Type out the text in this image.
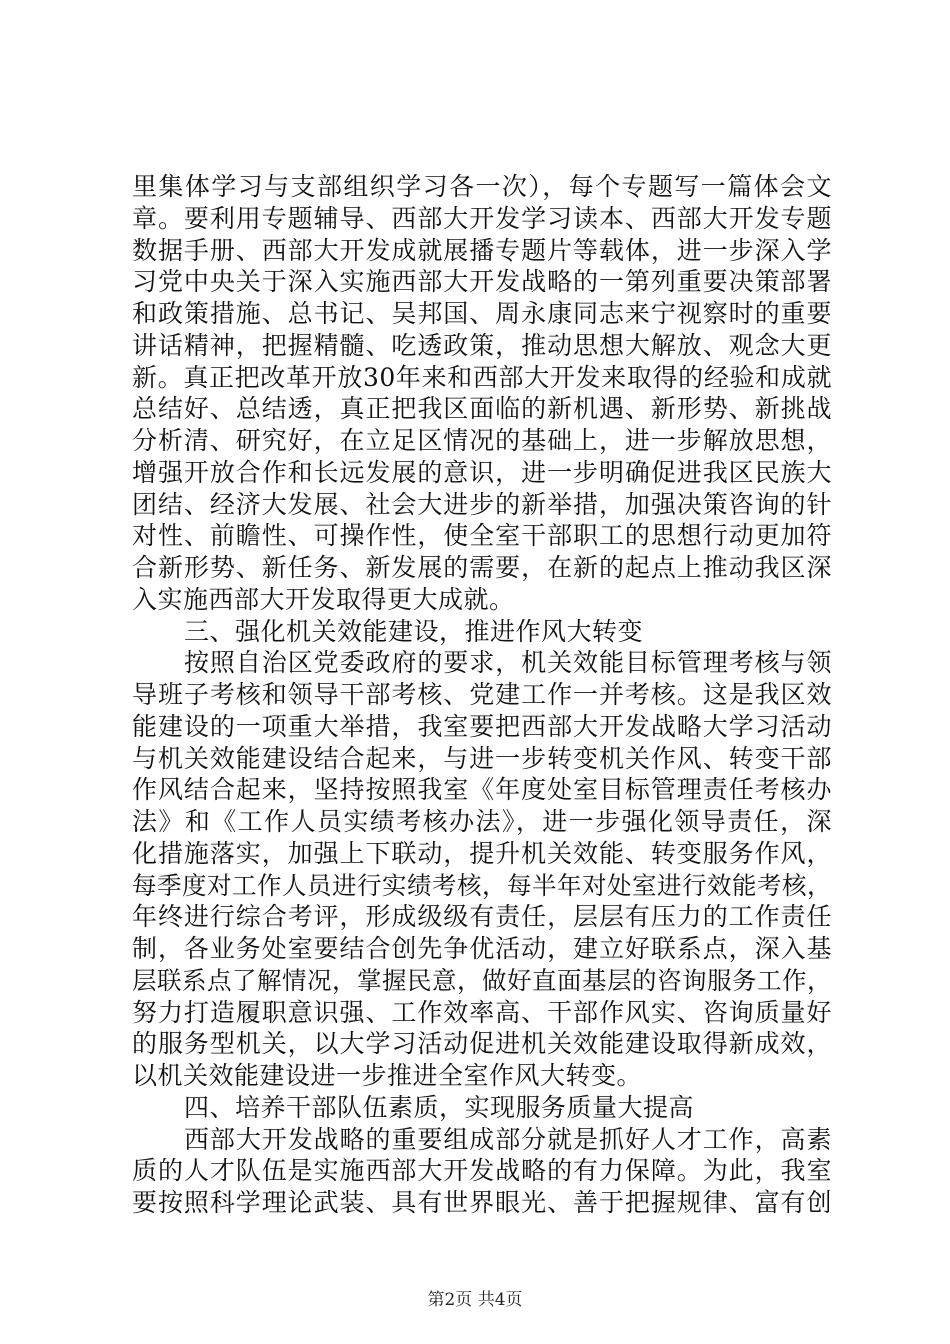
里集体学习与支部组织学习各一次），每个专题写一篇体会文
章。要利用专题辅导、西部大开发学习读本、西部大开发专题
数据手册、西部大开发成就展播专题片等载体，进一步深入学
习党中央关于深入实施西部大开发战略的一第列重要决策部署
和政策措施、总书记、吴邦国、周永康同志来宁视察时的重要
讲话精神，把握精髓、吃透政策，推动思想大解放、观念大更
新。真正把改革开放30年来和西部大开发来取得的经验和成就
总结好、总结透，真正把我区面临的新机遇、新形势、新挑战
分析清、研究好，在立足区情况的基础上，进一步解放思想，
增强开放合作和长远发展的意识，进一步明确促进我区民族大
团结、经济大发展、社会大进步的新举措，加强决策咨询的针
对性、前瞻性、可操作性，使全室干部职工的思想行动更加符
合新形势、新任务、新发展的需要，在新的起点上推动我区深
入实施西部大开发取得更大成就。
三、强化机关效能建设，推进作风大转变
按照自治区党委政府的要求，机关效能目标管理考核与领
导班子考核和领导干部考核、党建工作一并考核。这是我区效
能建设的一项重大举措，我室要把西部大开发战略大学习活动
与机关效能建设结合起来，与进一步转变机关作风、转变干部
作风结合起来，坚持按照我室《年度处室目标管理责任考核办
法》和《工作人员实绩考核办法》，进一步强化领导责任，深
化措施落实，加强上下联动，提升机关效能、转变服务作风，
每季度对工作人员进行实绩考核，每半年对处室进行效能考核，
年终进行综合考评，形成级级有责任，层层有压力的工作责任
制，各业务处室要结合创先争优活动，建立好联系点，深入基
层联系点了解情况，掌握民意，做好直面基层的咨询服务工作，
努力打造履职意识强、工作效率高、干部作风实、咨询质量好
的服务型机关，以大学习活动促进机关效能建设取得新成效，
以机关效能建设进一步推进全室作风大转变。
四、培养干部队伍素质，实现服务质量大提高
西部大开发战略的重要组成部分就是抓好人才工作，高素
质的人才队伍是实施西部大开发战略的有力保障。为此，我室
要按照科学理论武装、具有世界眼光、善于把握规律、富有创
第2页 共4页
